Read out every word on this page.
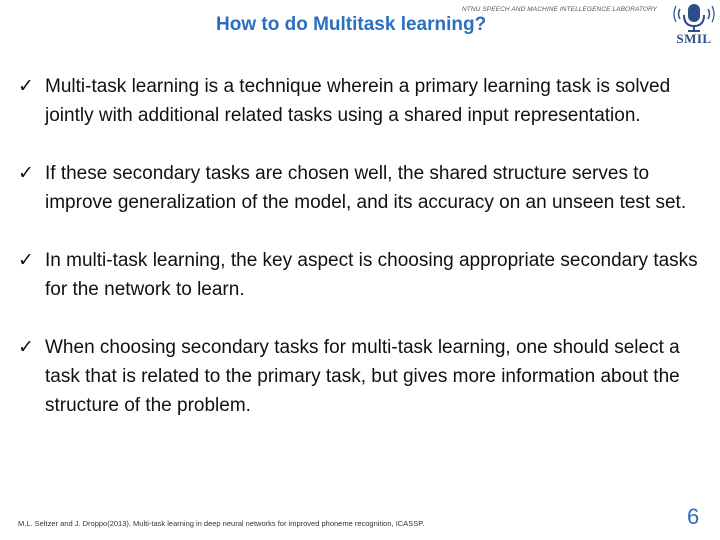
NTNU SPEECH AND MACHINE INTELLEGENCE LABORATORY
How to do Multitask learning?
SMIL
✓ Multi-task learning is a technique wherein a primary learning task is solved jointly with additional related tasks using a shared input representation.
✓ If these secondary tasks are chosen well, the shared structure serves to improve generalization of the model, and its accuracy on an unseen test set.
✓ In multi-task learning, the key aspect is choosing appropriate secondary tasks for the network to learn.
✓ When choosing secondary tasks for multi-task learning, one should select a task that is related to the primary task, but gives more information about the structure of the problem.
M.L. Seltzer and J. Droppo(2013). Multi-task learning in deep neural networks for improved phoneme recognition, ICASSP.	6
